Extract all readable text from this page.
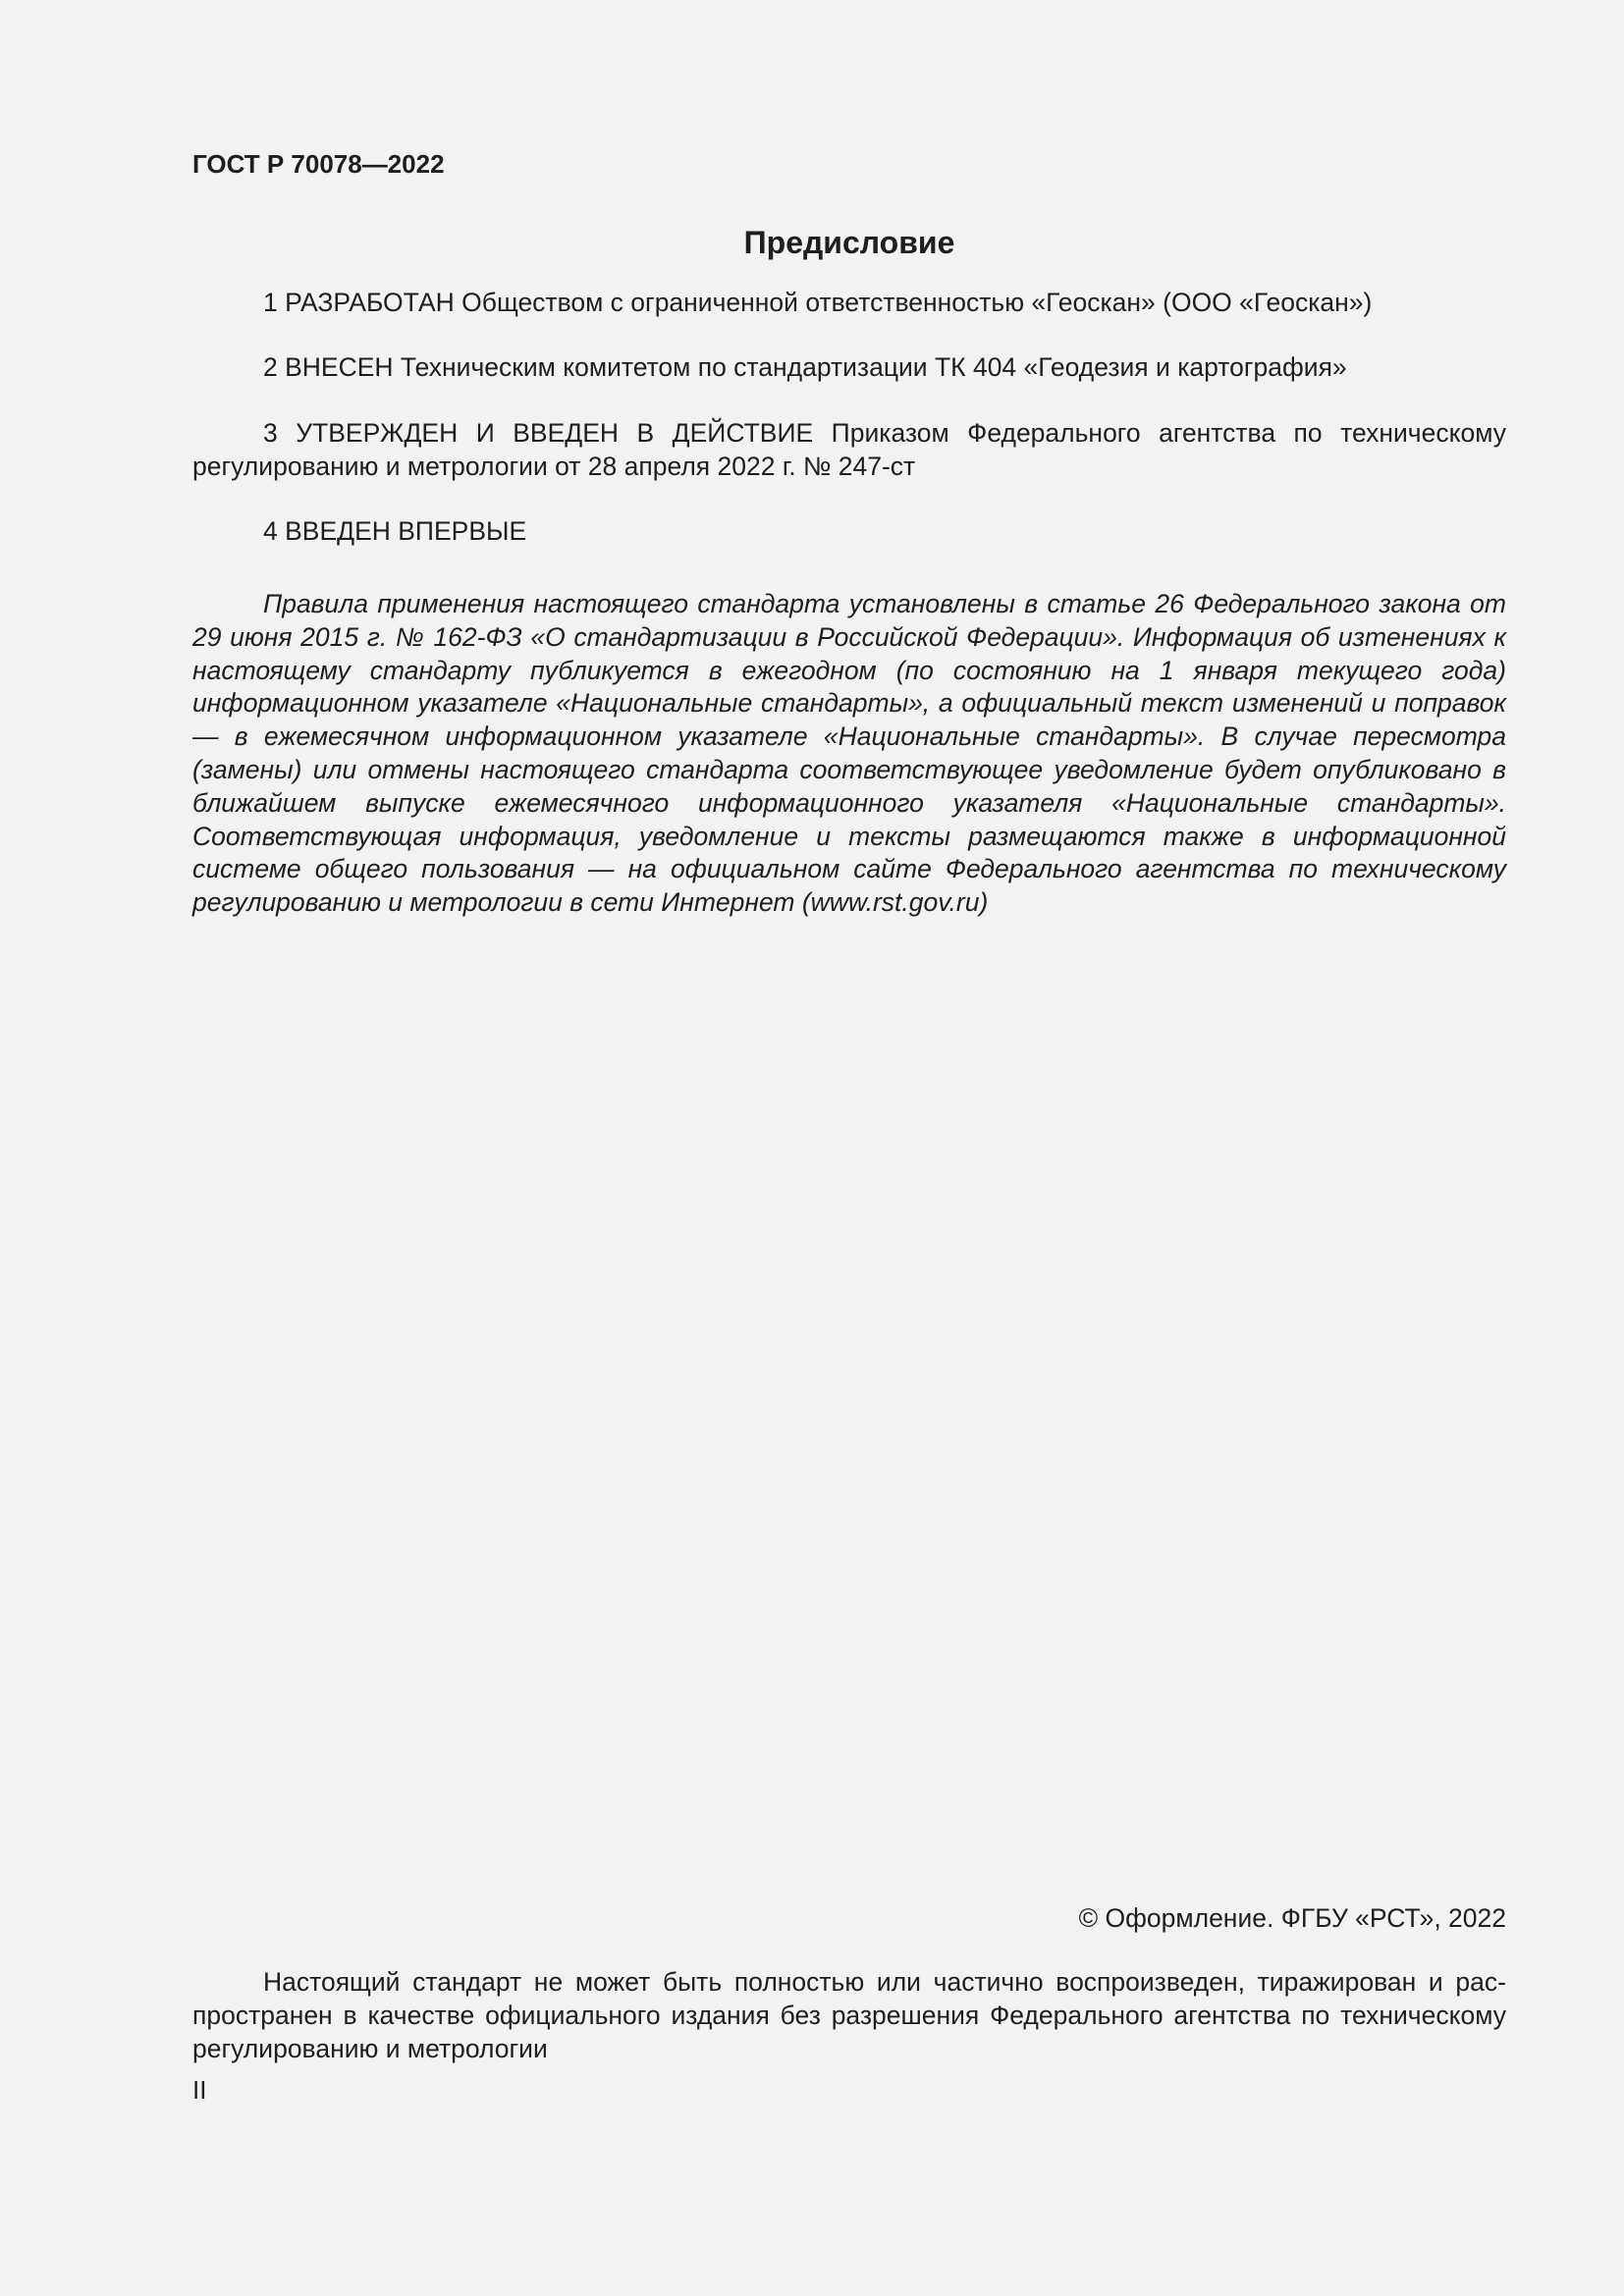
ГОСТ Р 70078—2022
Предисловие

1 РАЗРАБОТАН Обществом с ограниченной ответственностью «Геоскан» (ООО «Геоскан»)

2 ВНЕСЕН Техническим комитетом по стандартизации ТК 404 «Геодезия и картография»

3 УТВЕРЖДЕН И ВВЕДЕН В ДЕЙСТВИЕ Приказом Федерального агентства по техническому регулированию и метрологии от 28 апреля 2022 г. № 247-ст

4 ВВЕДЕН ВПЕРВЫЕ

Правила применения настоящего стандарта установлены в статье 26 Федерального закона от 29 июня 2015 г. № 162-ФЗ «О стандартизации в Российской Федерации». Информация об изmенениях к настоящему стандарту публикуется в ежегодном (по состоянию на 1 января текущего года) информационном указателе «Национальные стандарты», а официальный текст изменений и поправок — в ежемесячном информационном указателе «Национальные стандарты». В случае пересмотра (замены) или отмены настоящего стандарта соответствующее уведомление будет опубликовано в ближайшем выпуске ежемесячного информационного указателя «Национальные стандарты». Соответствующая информация, уведомление и тексты размещаются также в информационной системе общего пользования — на официальном сайте Федерального агентства по техническому регулированию и метрологии в сети Интернет (www.rst.gov.ru)

© Оформление. ФГБУ «РСТ», 2022

Настоящий стандарт не может быть полностью или частично воспроизведен, тиражирован и распространен в качестве официального издания без разрешения Федерального агентства по техническому регулированию и метрологии

II
